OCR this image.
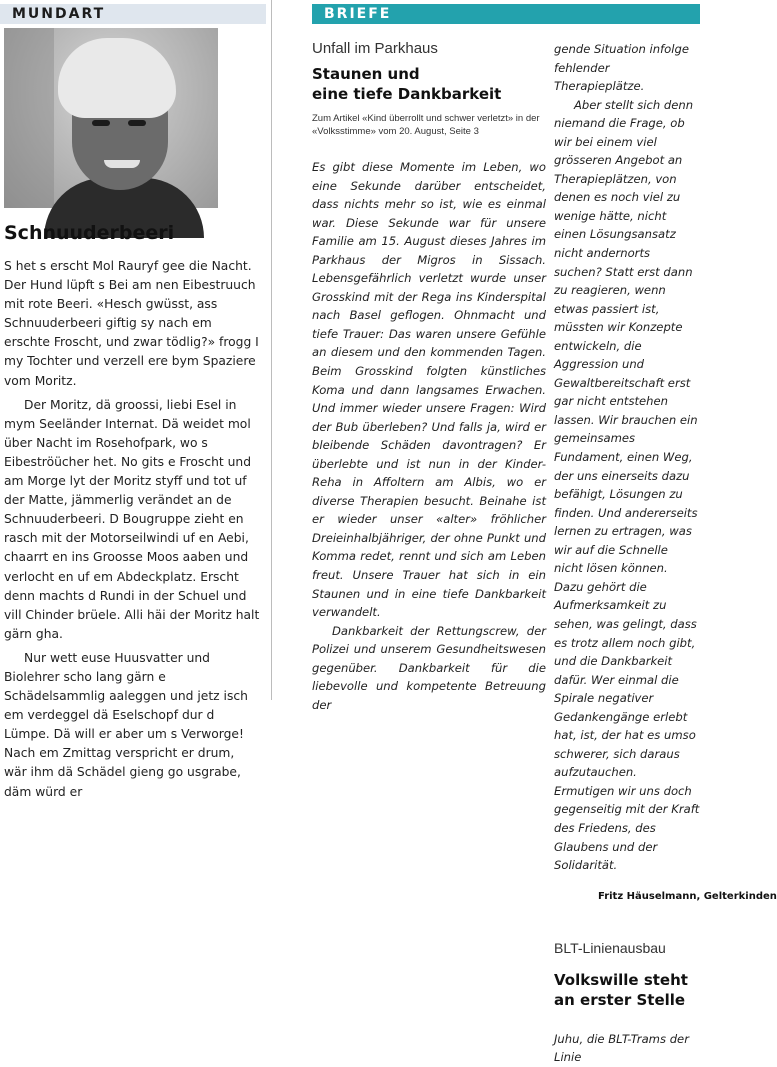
MUNDART
Schnuuderbeeri

S het s erscht Mol Rauryf gee die Nacht. Der Hund lüpft s Bei am nen Eibestruuch mit rote Beeri. «Hesch gwüsst, ass Schnuuderbeeri giftig sy nach em erschte Froscht, und zwar tödlig?» frogg I my Tochter und verzell ere bym Spaziere vom Moritz.

Der Moritz, dä groossi, liebi Esel in mym Seeländer Internat. Dä weidet mol über Nacht im Rosehofpark, wo s Eibeströücher het. No gits e Froscht und am Morge lyt der Moritz styff und tot uf der Matte, jämmerlig verändet an de Schnuuderbeeri. D Bougruppe zieht en rasch mit der Motorseilwindi uf en Aebi, chaarrt en ins Groosse Moos aaben und verlocht en uf em Abdeckplatz. Erscht denn machts d Rundi in der Schuel und vill Chinder brüele. Alli häi der Moritz halt gärn gha.

Nur wett euse Huusvatter und Biolehrer scho lang gärn e Schädelsammlig aaleggen und jetz isch em verdeggel dä Eselschopf dur d Lümpe. Dä will er aber um s Verworge! Nach em Zmittag verspricht er drum, wär ihm dä Schädel gieng go usgrabe, däm würd er

BRIEFE
Unfall im Parkhaus
Staunen und
eine tiefe Dankbarkeit
Zum Artikel «Kind überrollt und schwer verletzt» in der «Volksstimme» vom 20. August, Seite 3

Es gibt diese Momente im Leben, wo eine Sekunde darüber entscheidet, dass nichts mehr so ist, wie es einmal war. Diese Sekunde war für unsere Familie am 15. August dieses Jahres im Parkhaus der Migros in Sissach. Lebensgefährlich verletzt wurde unser Grosskind mit der Rega ins Kinderspital nach Basel geflogen. Ohnmacht und tiefe Trauer: Das waren unsere Gefühle an diesem und den kommenden Tagen. Beim Grosskind folgten künstliches Koma und dann langsames Erwachen. Und immer wieder unsere Fragen: Wird der Bub überleben? Und falls ja, wird er bleibende Schäden davontragen? Er überlebte und ist nun in der Kinder-Reha in Affoltern am Albis, wo er diverse Therapien besucht. Beinahe ist er wieder unser «alter» fröhlicher Dreieinhalbjähriger, der ohne Punkt und Komma redet, rennt und sich am Leben freut. Unsere Trauer hat sich in ein Staunen und in eine tiefe Dankbarkeit verwandelt.

Dankbarkeit der Rettungscrew, der Polizei und unserem Gesundheitswesen gegenüber. Dankbarkeit für die liebevolle und kompetente Betreuung der

gende Situation infolge fehlender Therapieplätze.

Aber stellt sich denn niemand die Frage, ob wir bei einem viel grösseren Angebot an Therapieplätzen, von denen es noch viel zu wenige hätte, nicht einen Lösungsansatz nicht andernorts suchen? Statt erst dann zu reagieren, wenn etwas passiert ist, müssten wir Konzepte entwickeln, die Aggression und Gewaltbereitschaft erst gar nicht entstehen lassen. Wir brauchen ein gemeinsames Fundament, einen Weg, der uns einerseits dazu befähigt, Lösungen zu finden. Und andererseits lernen zu ertragen, was wir auf die Schnelle nicht lösen können. Dazu gehört die Aufmerksamkeit zu sehen, was gelingt, dass es trotz allem noch gibt, und die Dankbarkeit dafür. Wer einmal die Spirale negativer Gedankengänge erlebt hat, ist, der hat es umso schwerer, sich daraus aufzutauchen. Ermutigen wir uns doch gegenseitig mit der Kraft des Friedens, des Glaubens und der Solidarität.

Fritz Häuselmann, Gelterkinden
BLT-Linienausbau
Volkswille steht
an erster Stelle

Juhu, die BLT-Trams der Linie
